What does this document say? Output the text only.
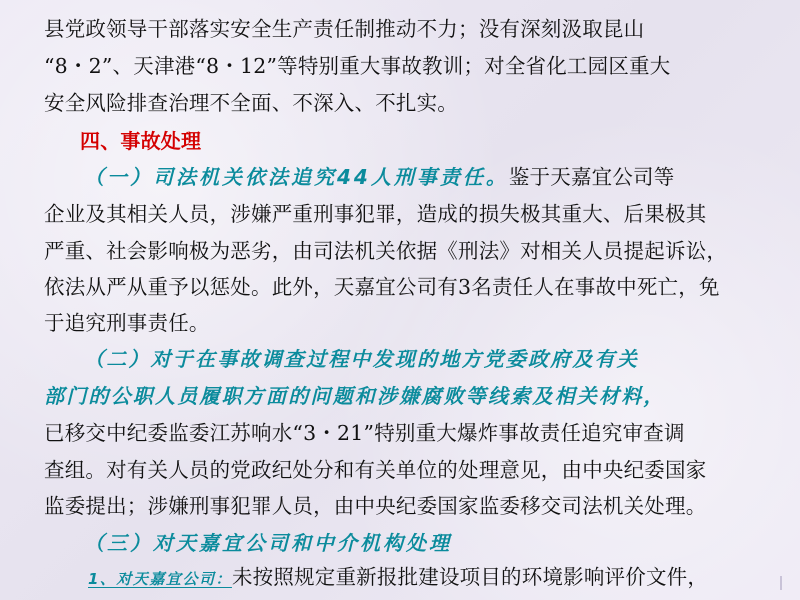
县党政领导干部落实安全生产责任制推动不力；没有深刻汲取昆山

“8・2”、天津港“8・12”等特别重大事故教训；对全省化工园区重大

安全风险排查治理不全面、不深入、不扎实。

四、事故处理

（一）司法机关依法追究44人刑事责任。鉴于天嘉宜公司等

企业及其相关人员，涉嫌严重刑事犯罪，造成的损失极其重大、后果极其

严重、社会影响极为恶劣，由司法机关依据《刑法》对相关人员提起诉讼，

依法从严从重予以惩处。此外，天嘉宜公司有3名责任人在事故中死亡，免

于追究刑事责任。

（二）对于在事故调查过程中发现的地方党委政府及有关

部门的公职人员履职方面的问题和涉嫌腐败等线索及相关材料，

已移交中纪委监委江苏响水“3・21”特别重大爆炸事故责任追究审查调

查组。对有关人员的党政纪处分和有关单位的处理意见，由中央纪委国家

监委提出；涉嫌刑事犯罪人员，由中央纪委国家监委移交司法机关处理。

（三）对天嘉宜公司和中介机构处理

1、对天嘉宜公司：未按照规定重新报批建设项目的环境影响评价文件，
